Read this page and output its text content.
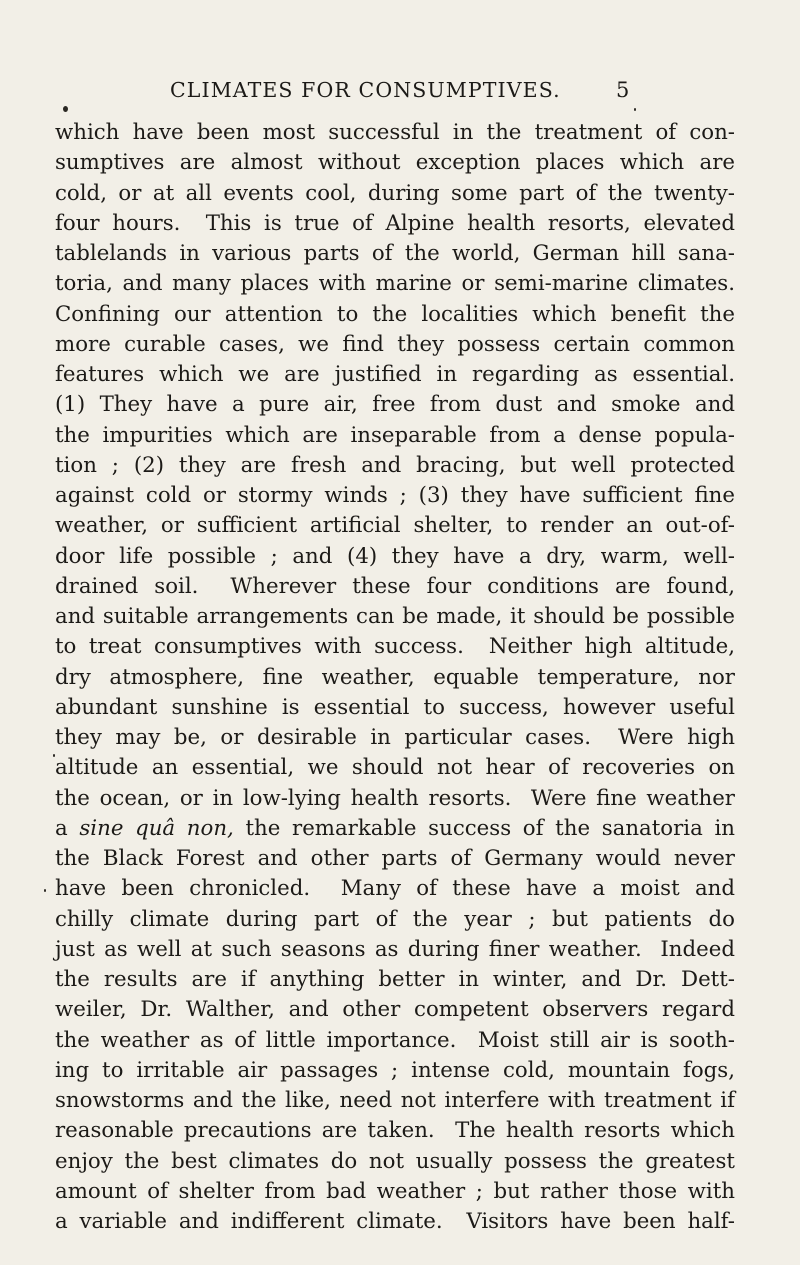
CLIMATES FOR CONSUMPTIVES.	5
which have been most successful in the treatment of con-
sumptives are almost without exception places which are
cold, or at all events cool, during some part of the twenty-
four hours.  This is true of Alpine health resorts, elevated
tablelands in various parts of the world, German hill sana-
toria, and many places with marine or semi-marine climates.
Confining our attention to the localities which benefit the
more curable cases, we find they possess certain common
features which we are justified in regarding as essential.
(1) They have a pure air, free from dust and smoke and
the impurities which are inseparable from a dense popula-
tion ; (2) they are fresh and bracing, but well protected
against cold or stormy winds ; (3) they have sufficient fine
weather, or sufficient artificial shelter, to render an out-of-
door life possible ; and (4) they have a dry, warm, well-
drained soil.  Wherever these four conditions are found,
and suitable arrangements can be made, it should be possible
to treat consumptives with success.  Neither high altitude,
dry atmosphere, fine weather, equable temperature, nor
abundant sunshine is essential to success, however useful
they may be, or desirable in particular cases.  Were high
altitude an essential, we should not hear of recoveries on
the ocean, or in low-lying health resorts.  Were fine weather
a sine quâ non, the remarkable success of the sanatoria in
the Black Forest and other parts of Germany would never
have been chronicled.  Many of these have a moist and
chilly climate during part of the year ; but patients do
just as well at such seasons as during finer weather.  Indeed
the results are if anything better in winter, and Dr. Dett-
weiler, Dr. Walther, and other competent observers regard
the weather as of little importance.  Moist still air is sooth-
ing to irritable air passages ; intense cold, mountain fogs,
snowstorms and the like, need not interfere with treatment if
reasonable precautions are taken.  The health resorts which
enjoy the best climates do not usually possess the greatest
amount of shelter from bad weather ; but rather those with
a variable and indifferent climate.  Visitors have been half-
